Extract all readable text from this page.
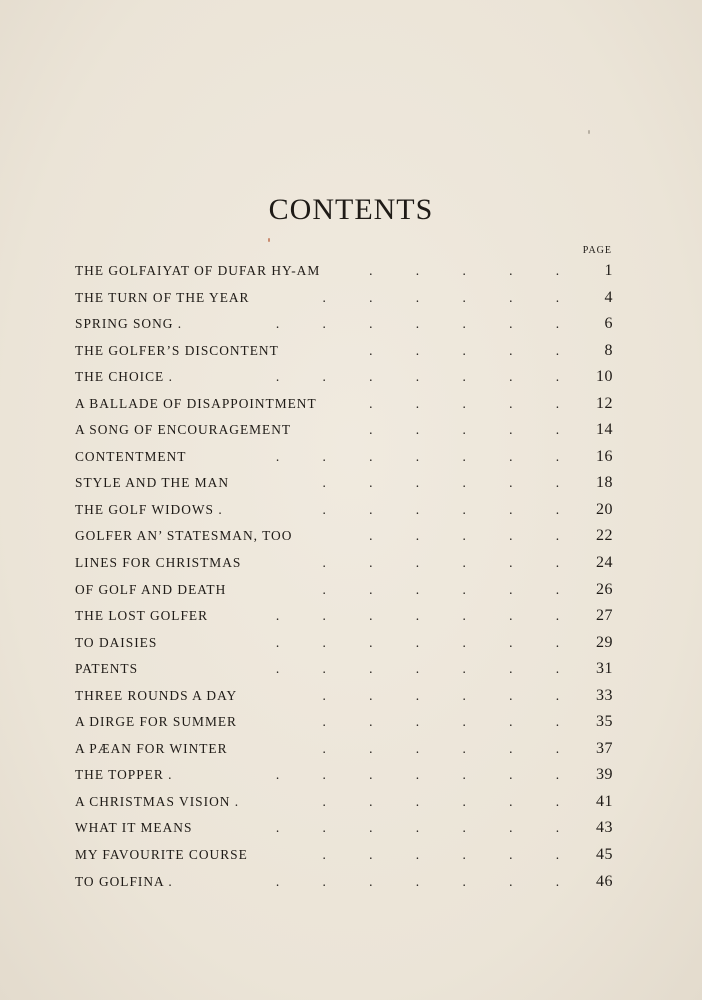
CONTENTS
PAGE
THE GOLFAIYAT OF DUFAR HY-AM	.	.	.	.	.	1
THE TURN OF THE YEAR	.	.	.	.	.	.	4
SPRING SONG .	.	.	.	.	.	.	.	6
THE GOLFER’S DISCONTENT	.	.	.	.	.	8
THE CHOICE .	.	.	.	.	.	.	.	10
A BALLADE OF DISAPPOINTMENT	.	.	.	.	.	12
A SONG OF ENCOURAGEMENT	.	.	.	.	.	14
CONTENTMENT	.	.	.	.	.	.	.	16
STYLE AND THE MAN	.	.	.	.	.	.	18
THE GOLF WIDOWS .	.	.	.	.	.	.	20
GOLFER AN’ STATESMAN, TOO	.	.	.	.	.	22
LINES FOR CHRISTMAS	.	.	.	.	.	.	24
OF GOLF AND DEATH	.	.	.	.	.	.	26
THE LOST GOLFER	.	.	.	.	.	.	.	27
TO DAISIES	.	.	.	.	.	.	.	29
PATENTS	.	.	.	.	.	.	.	31
THREE ROUNDS A DAY	.	.	.	.	.	.	33
A DIRGE FOR SUMMER	.	.	.	.	.	.	35
A PÆAN FOR WINTER	.	.	.	.	.	.	37
THE TOPPER .	.	.	.	.	.	.	.	39
A CHRISTMAS VISION .	.	.	.	.	.	.	41
WHAT IT MEANS	.	.	.	.	.	.	.	43
MY FAVOURITE COURSE	.	.	.	.	.	.	45
TO GOLFINA .	.	.	.	.	.	.	.	46
